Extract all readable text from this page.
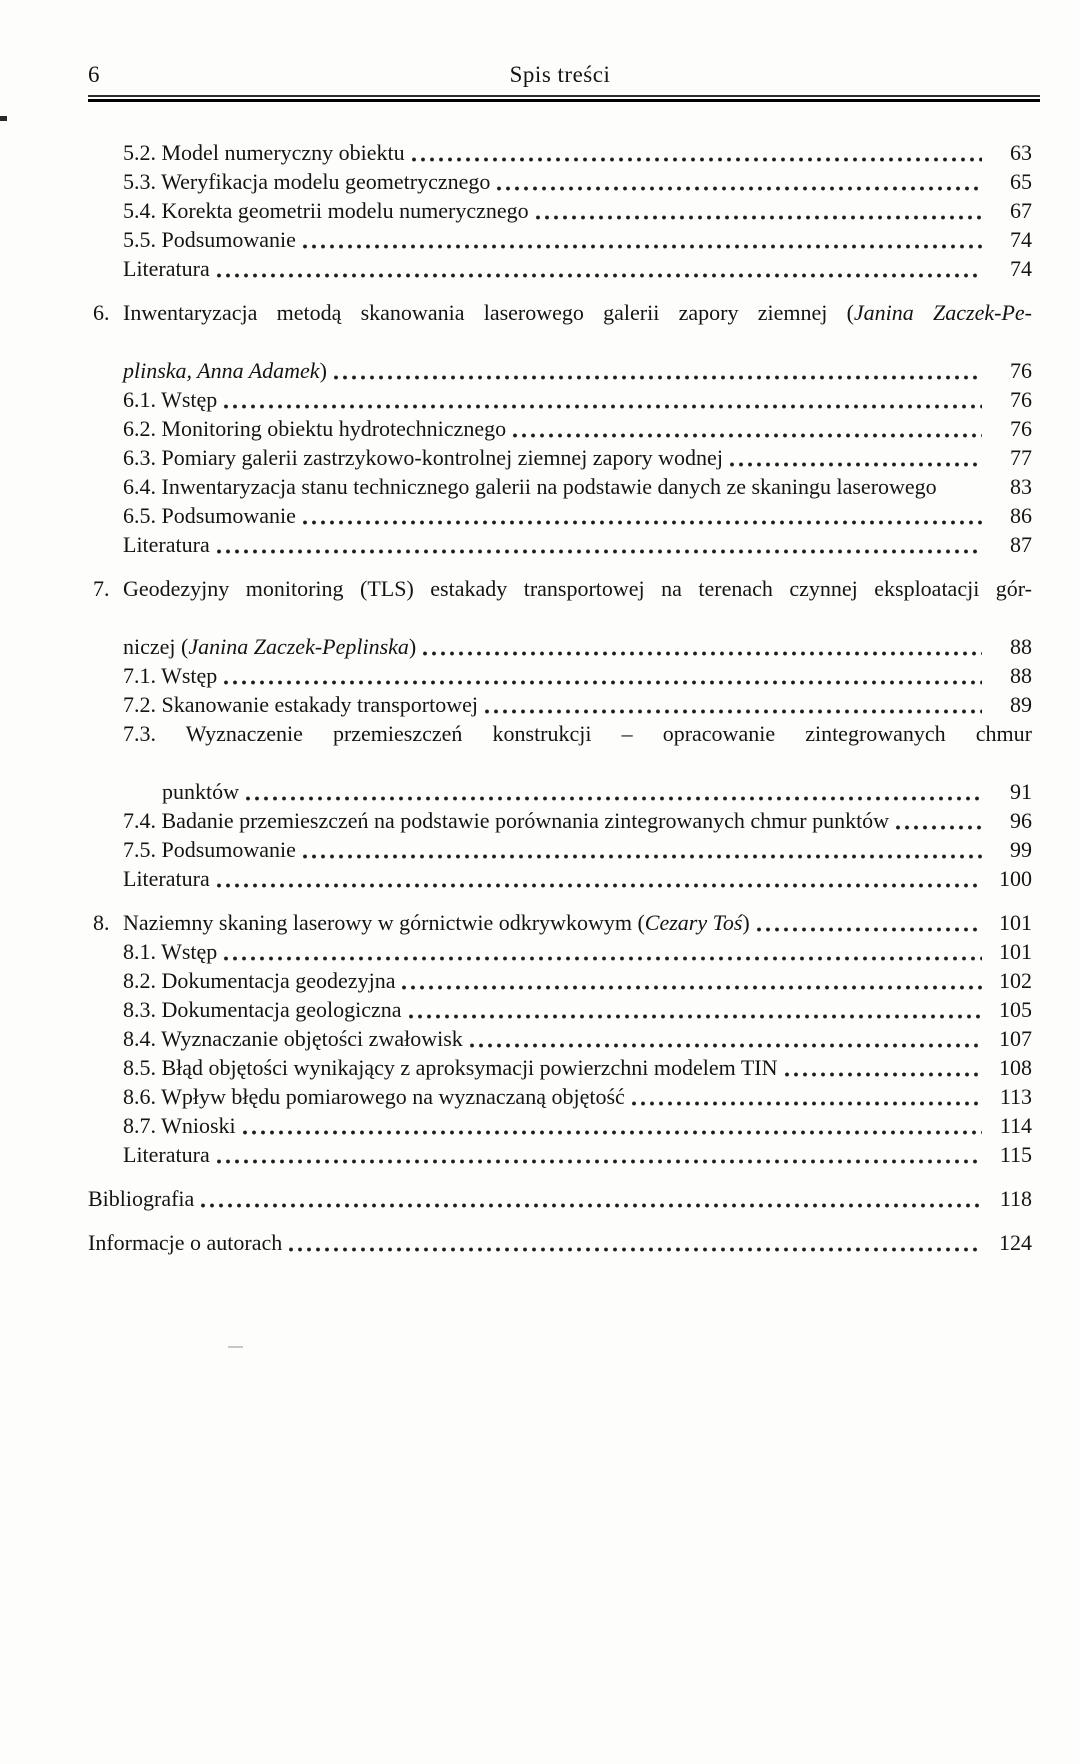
6	Spis treści
5.2. Model numeryczny obiektu	63
5.3. Weryfikacja modelu geometrycznego	65
5.4. Korekta geometrii modelu numerycznego	67
5.5. Podsumowanie	74
Literatura	74
6. Inwentaryzacja metodą skanowania laserowego galerii zapory ziemnej (Janina Zaczek-Pe-
plinska, Anna Adamek)	76
6.1. Wstęp	76
6.2. Monitoring obiektu hydrotechnicznego	76
6.3. Pomiary galerii zastrzykowo-kontrolnej ziemnej zapory wodnej	77
6.4. Inwentaryzacja stanu technicznego galerii na podstawie danych ze skaningu laserowego	83
6.5. Podsumowanie	86
Literatura	87
7. Geodezyjny monitoring (TLS) estakady transportowej na terenach czynnej eksploatacji gór-
niczej (Janina Zaczek-Peplinska)	88
7.1. Wstęp	88
7.2. Skanowanie estakady transportowej	89
7.3. Wyznaczenie przemieszczeń konstrukcji – opracowanie zintegrowanych chmur
punktów	91
7.4. Badanie przemieszczeń na podstawie porównania zintegrowanych chmur punktów	96
7.5. Podsumowanie	99
Literatura	100
8. Naziemny skaning laserowy w górnictwie odkrywkowym (Cezary Toś)	101
8.1. Wstęp	101
8.2. Dokumentacja geodezyjna	102
8.3. Dokumentacja geologiczna	105
8.4. Wyznaczanie objętości zwałowisk	107
8.5. Błąd objętości wynikający z aproksymacji powierzchni modelem TIN	108
8.6. Wpływ błędu pomiarowego na wyznaczaną objętość	113
8.7. Wnioski	114
Literatura	115
Bibliografia	118
Informacje o autorach	124
